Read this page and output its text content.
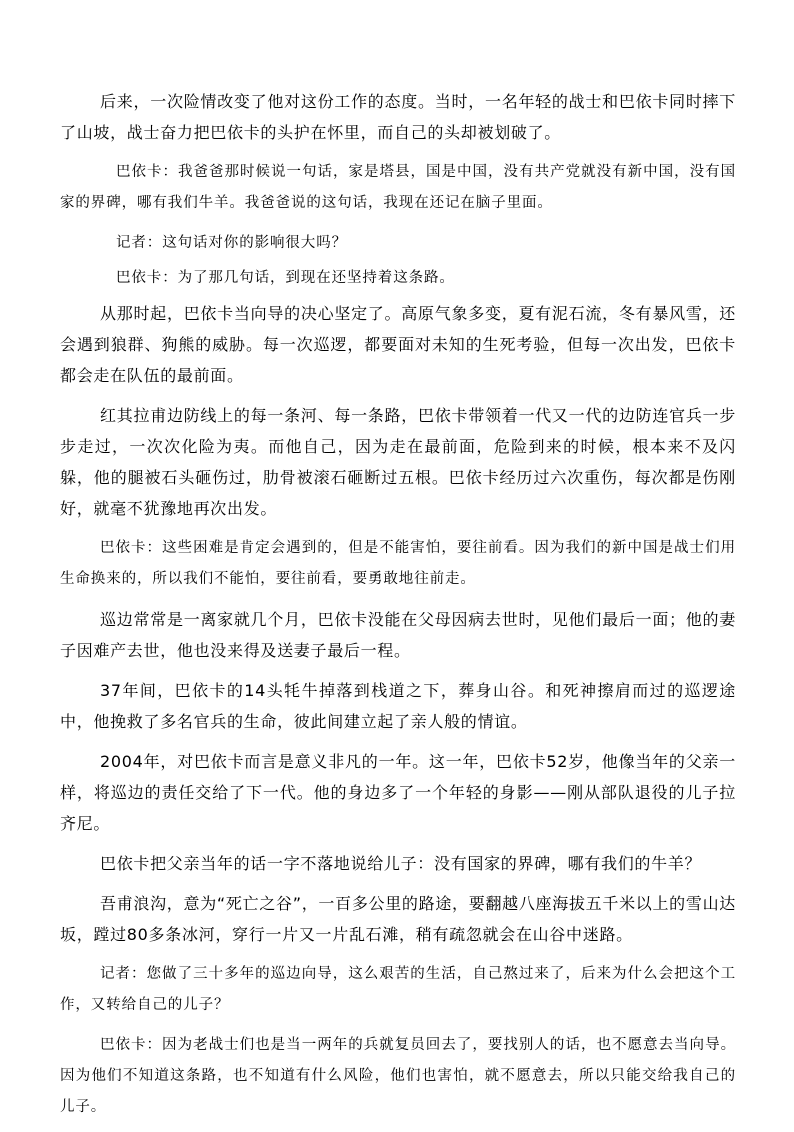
后来，一次险情改变了他对这份工作的态度。当时，一名年轻的战士和巴依卡同时摔下了山坡，战士奋力把巴依卡的头护在怀里，而自己的头却被划破了。

巴依卡：我爸爸那时候说一句话，家是塔县，国是中国，没有共产党就没有新中国，没有国家的界碑，哪有我们牛羊。我爸爸说的这句话，我现在还记在脑子里面。

记者：这句话对你的影响很大吗？

巴依卡：为了那几句话，到现在还坚持着这条路。

从那时起，巴依卡当向导的决心坚定了。高原气象多变，夏有泥石流，冬有暴风雪，还会遇到狼群、狗熊的威胁。每一次巡逻，都要面对未知的生死考验，但每一次出发，巴依卡都会走在队伍的最前面。

红其拉甫边防线上的每一条河、每一条路，巴依卡带领着一代又一代的边防连官兵一步步走过，一次次化险为夷。而他自己，因为走在最前面，危险到来的时候，根本来不及闪躲，他的腿被石头砸伤过，肋骨被滚石砸断过五根。巴依卡经历过六次重伤，每次都是伤刚好，就毫不犹豫地再次出发。

巴依卡：这些困难是肯定会遇到的，但是不能害怕，要往前看。因为我们的新中国是战士们用生命换来的，所以我们不能怕，要往前看，要勇敢地往前走。

巡边常常是一离家就几个月，巴依卡没能在父母因病去世时，见他们最后一面；他的妻子因难产去世，他也没来得及送妻子最后一程。

37年间，巴依卡的14头牦牛掉落到栈道之下，葬身山谷。和死神擦肩而过的巡逻途中，他挽救了多名官兵的生命，彼此间建立起了亲人般的情谊。

2004年，对巴依卡而言是意义非凡的一年。这一年，巴依卡52岁，他像当年的父亲一样，将巡边的责任交给了下一代。他的身边多了一个年轻的身影——刚从部队退役的儿子拉齐尼。

巴依卡把父亲当年的话一字不落地说给儿子：没有国家的界碑，哪有我们的牛羊？

吾甫浪沟，意为“死亡之谷”，一百多公里的路途，要翻越八座海拔五千米以上的雪山达坂，蹚过80多条冰河，穿行一片又一片乱石滩，稍有疏忽就会在山谷中迷路。

记者：您做了三十多年的巡边向导，这么艰苦的生活，自己熬过来了，后来为什么会把这个工作，又转给自己的儿子？

巴依卡：因为老战士们也是当一两年的兵就复员回去了，要找别人的话，也不愿意去当向导。因为他们不知道这条路，也不知道有什么风险，他们也害怕，就不愿意去，所以只能交给我自己的儿子。
